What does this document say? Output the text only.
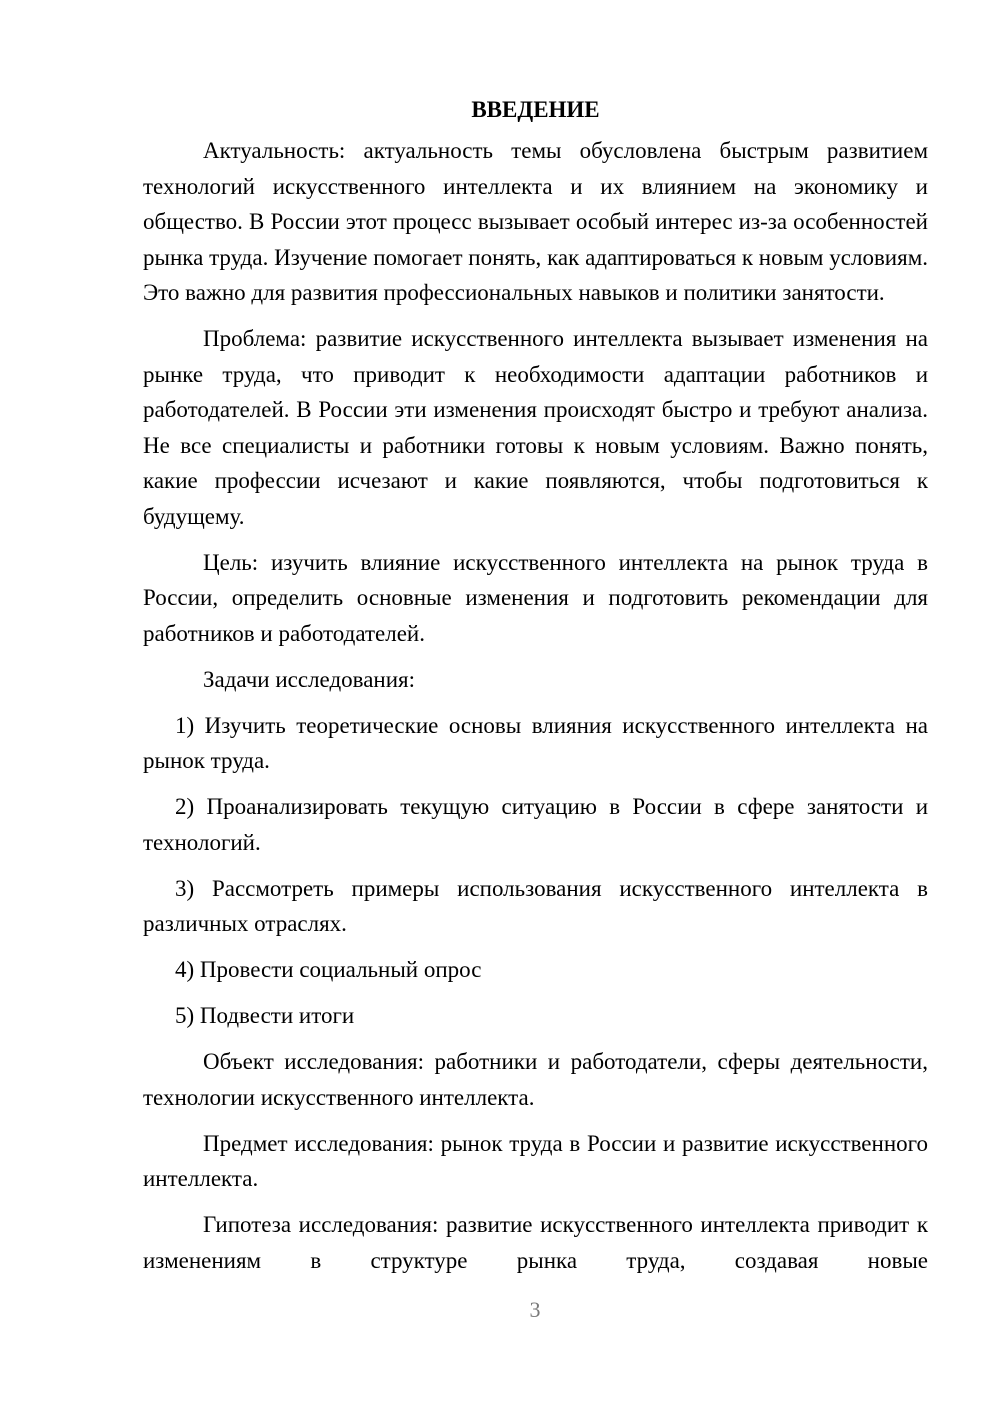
ВВЕДЕНИЕ

Актуальность: актуальность темы обусловлена быстрым развитием технологий искусственного интеллекта и их влиянием на экономику и общество. В России этот процесс вызывает особый интерес из-за особенностей рынка труда. Изучение помогает понять, как адаптироваться к новым условиям. Это важно для развития профессиональных навыков и политики занятости.

Проблема: развитие искусственного интеллекта вызывает изменения на рынке труда, что приводит к необходимости адаптации работников и работодателей. В России эти изменения происходят быстро и требуют анализа. Не все специалисты и работники готовы к новым условиям. Важно понять, какие профессии исчезают и какие появляются, чтобы подготовиться к будущему.

Цель: изучить влияние искусственного интеллекта на рынок труда в России, определить основные изменения и подготовить рекомендации для работников и работодателей.

Задачи исследования:

1) Изучить теоретические основы влияния искусственного интеллекта на рынок труда.

2) Проанализировать текущую ситуацию в России в сфере занятости и технологий.

3) Рассмотреть примеры использования искусственного интеллекта в различных отраслях.

4) Провести социальный опрос

5) Подвести итоги

Объект исследования: работники и работодатели, сферы деятельности, технологии искусственного интеллекта.

Предмет исследования: рынок труда в России и развитие искусственного интеллекта.

Гипотеза исследования: развитие искусственного интеллекта приводит к изменениям в структуре рынка труда, создавая новые

3
